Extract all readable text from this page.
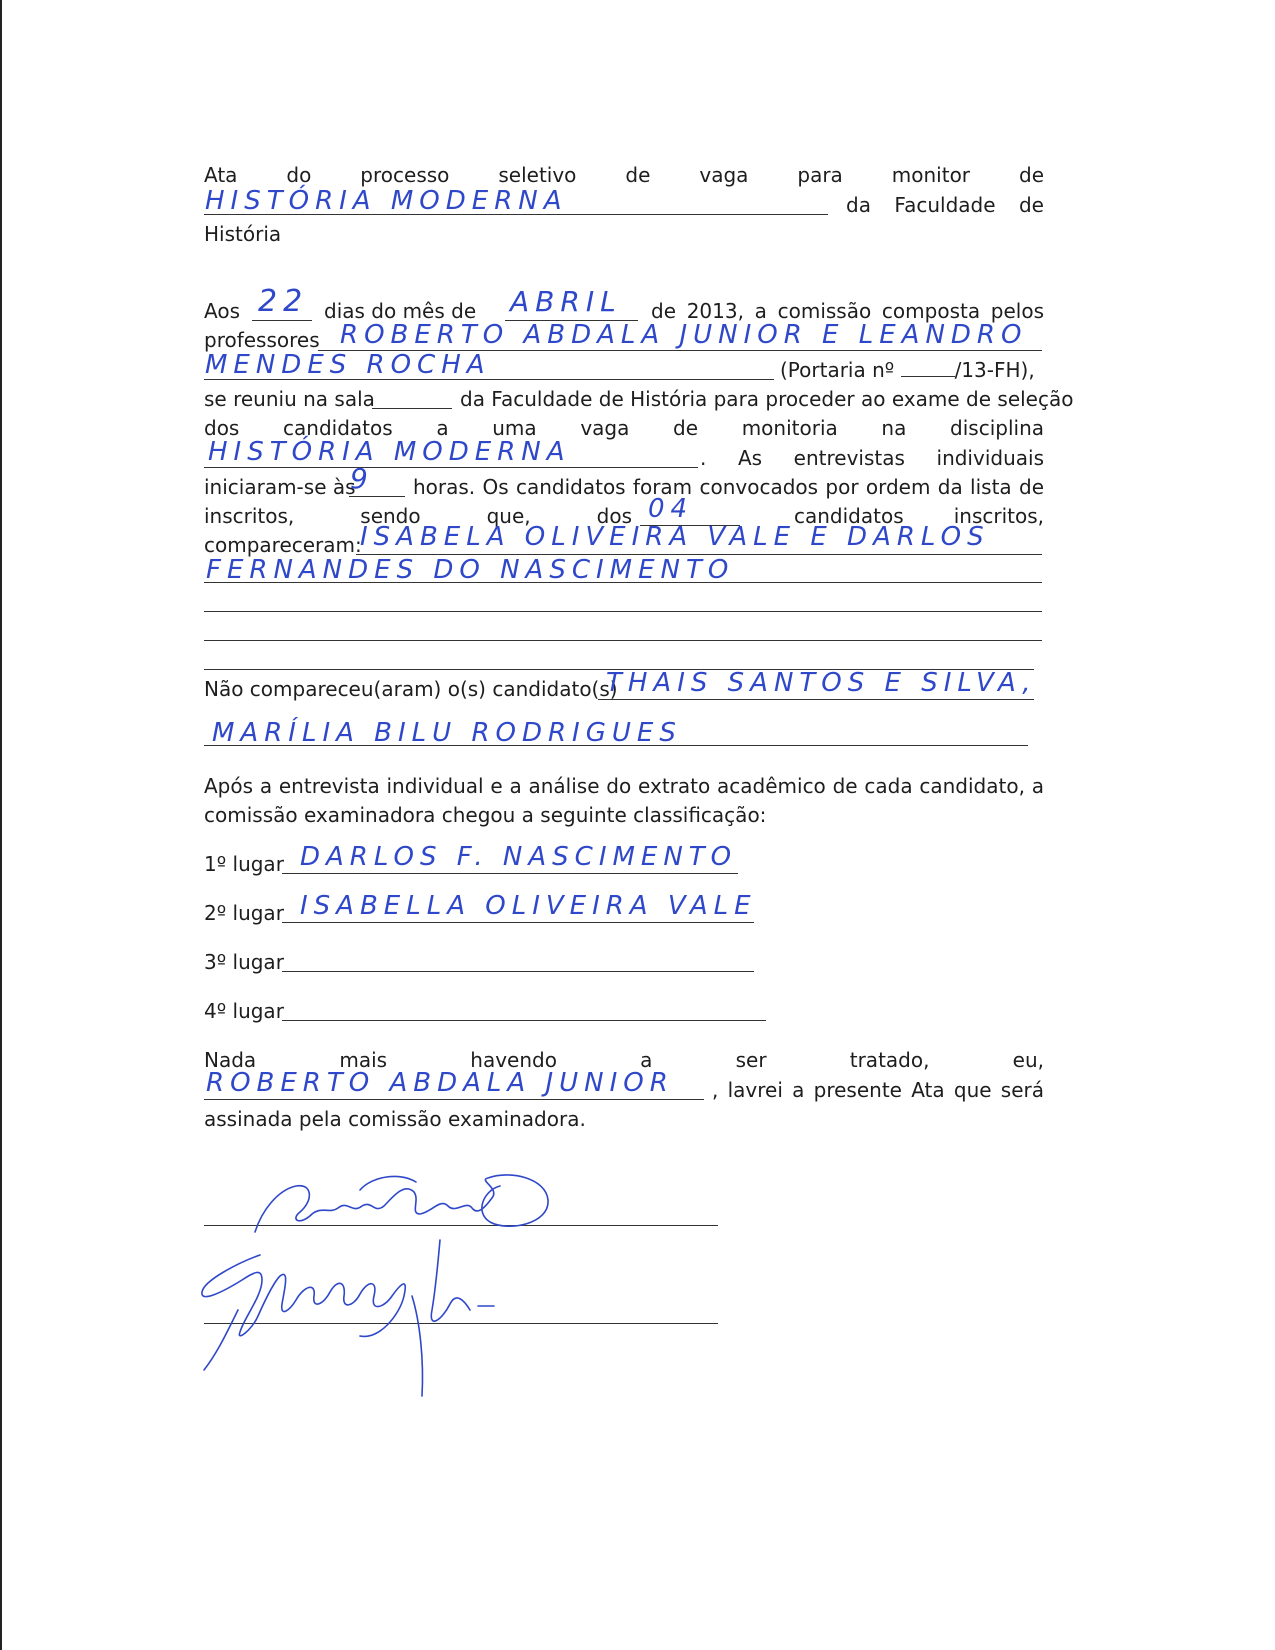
Ata do processo seletivo de vaga para monitor de
HISTÓRIA MODERNA	da Faculdade de
História
Aos 22 dias do mês de ABRIL de 2013, a comissão composta pelos
professores ROBERTO ABDALA JUNIOR E LEANDRO
MENDES ROCHA	(Portaria nº	/13-FH),
se reuniu na sala	da Faculdade de História para proceder ao exame de seleção
dos candidatos a uma vaga de monitoria na disciplina
HISTÓRIA MODERNA	. As entrevistas individuais
iniciaram-se às
9 horas. Os candidatos foram convocados por ordem da lista de
inscritos, sendo que, dos 04	candidatos inscritos,
compareceram:
ISABELA OLIVEIRA VALE E DARLOS
FERNANDES DO NASCIMENTO
Não compareceu(aram) o(s) candidato(s)
THAIS SANTOS E SILVA,
MARÍLIA BILU RODRIGUES
Após a entrevista individual e a análise do extrato acadêmico de cada candidato, a comissão examinadora chegou a seguinte classificação:
1º lugar DARLOS F. NASCIMENTO
2º lugar ISABELLA OLIVEIRA VALE
3º lugar
4º lugar
Nada mais havendo a ser tratado, eu,
ROBERTO ABDALA JUNIOR , lavrei a presente Ata que será
assinada pela comissão examinadora.
